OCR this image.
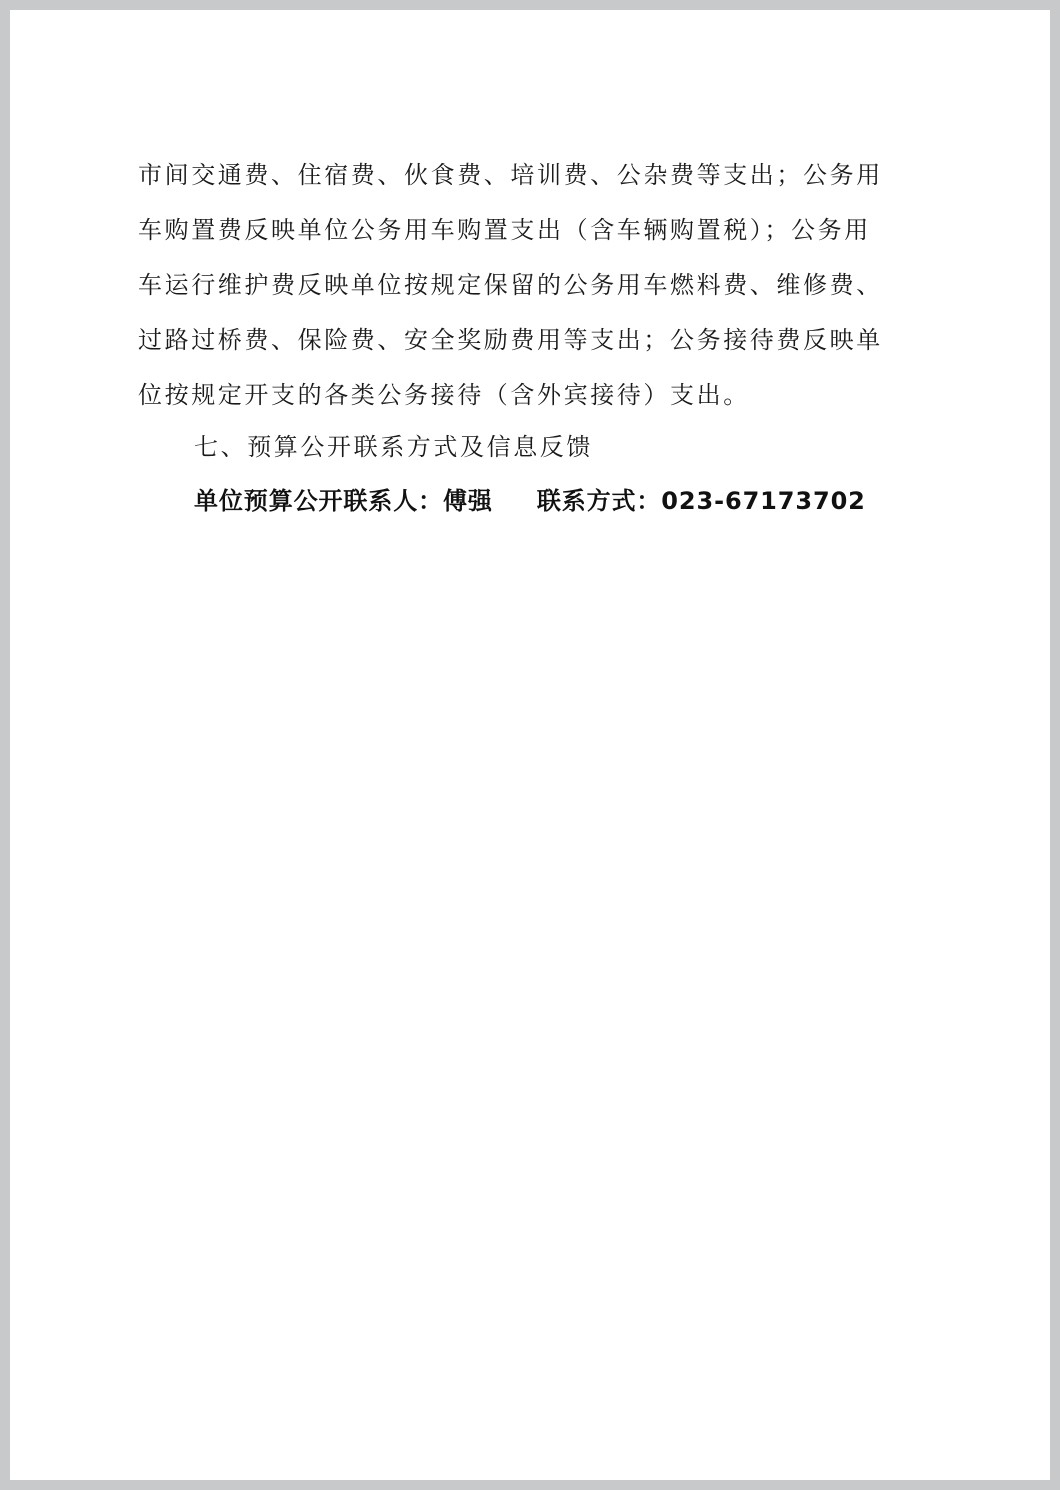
市间交通费、住宿费、伙食费、培训费、公杂费等支出；公务用
车购置费反映单位公务用车购置支出（含车辆购置税）；公务用
车运行维护费反映单位按规定保留的公务用车燃料费、维修费、
过路过桥费、保险费、安全奖励费用等支出；公务接待费反映单
位按规定开支的各类公务接待（含外宾接待）支出。
七、预算公开联系方式及信息反馈
单位预算公开联系人：傅强 联系方式：023-67173702
